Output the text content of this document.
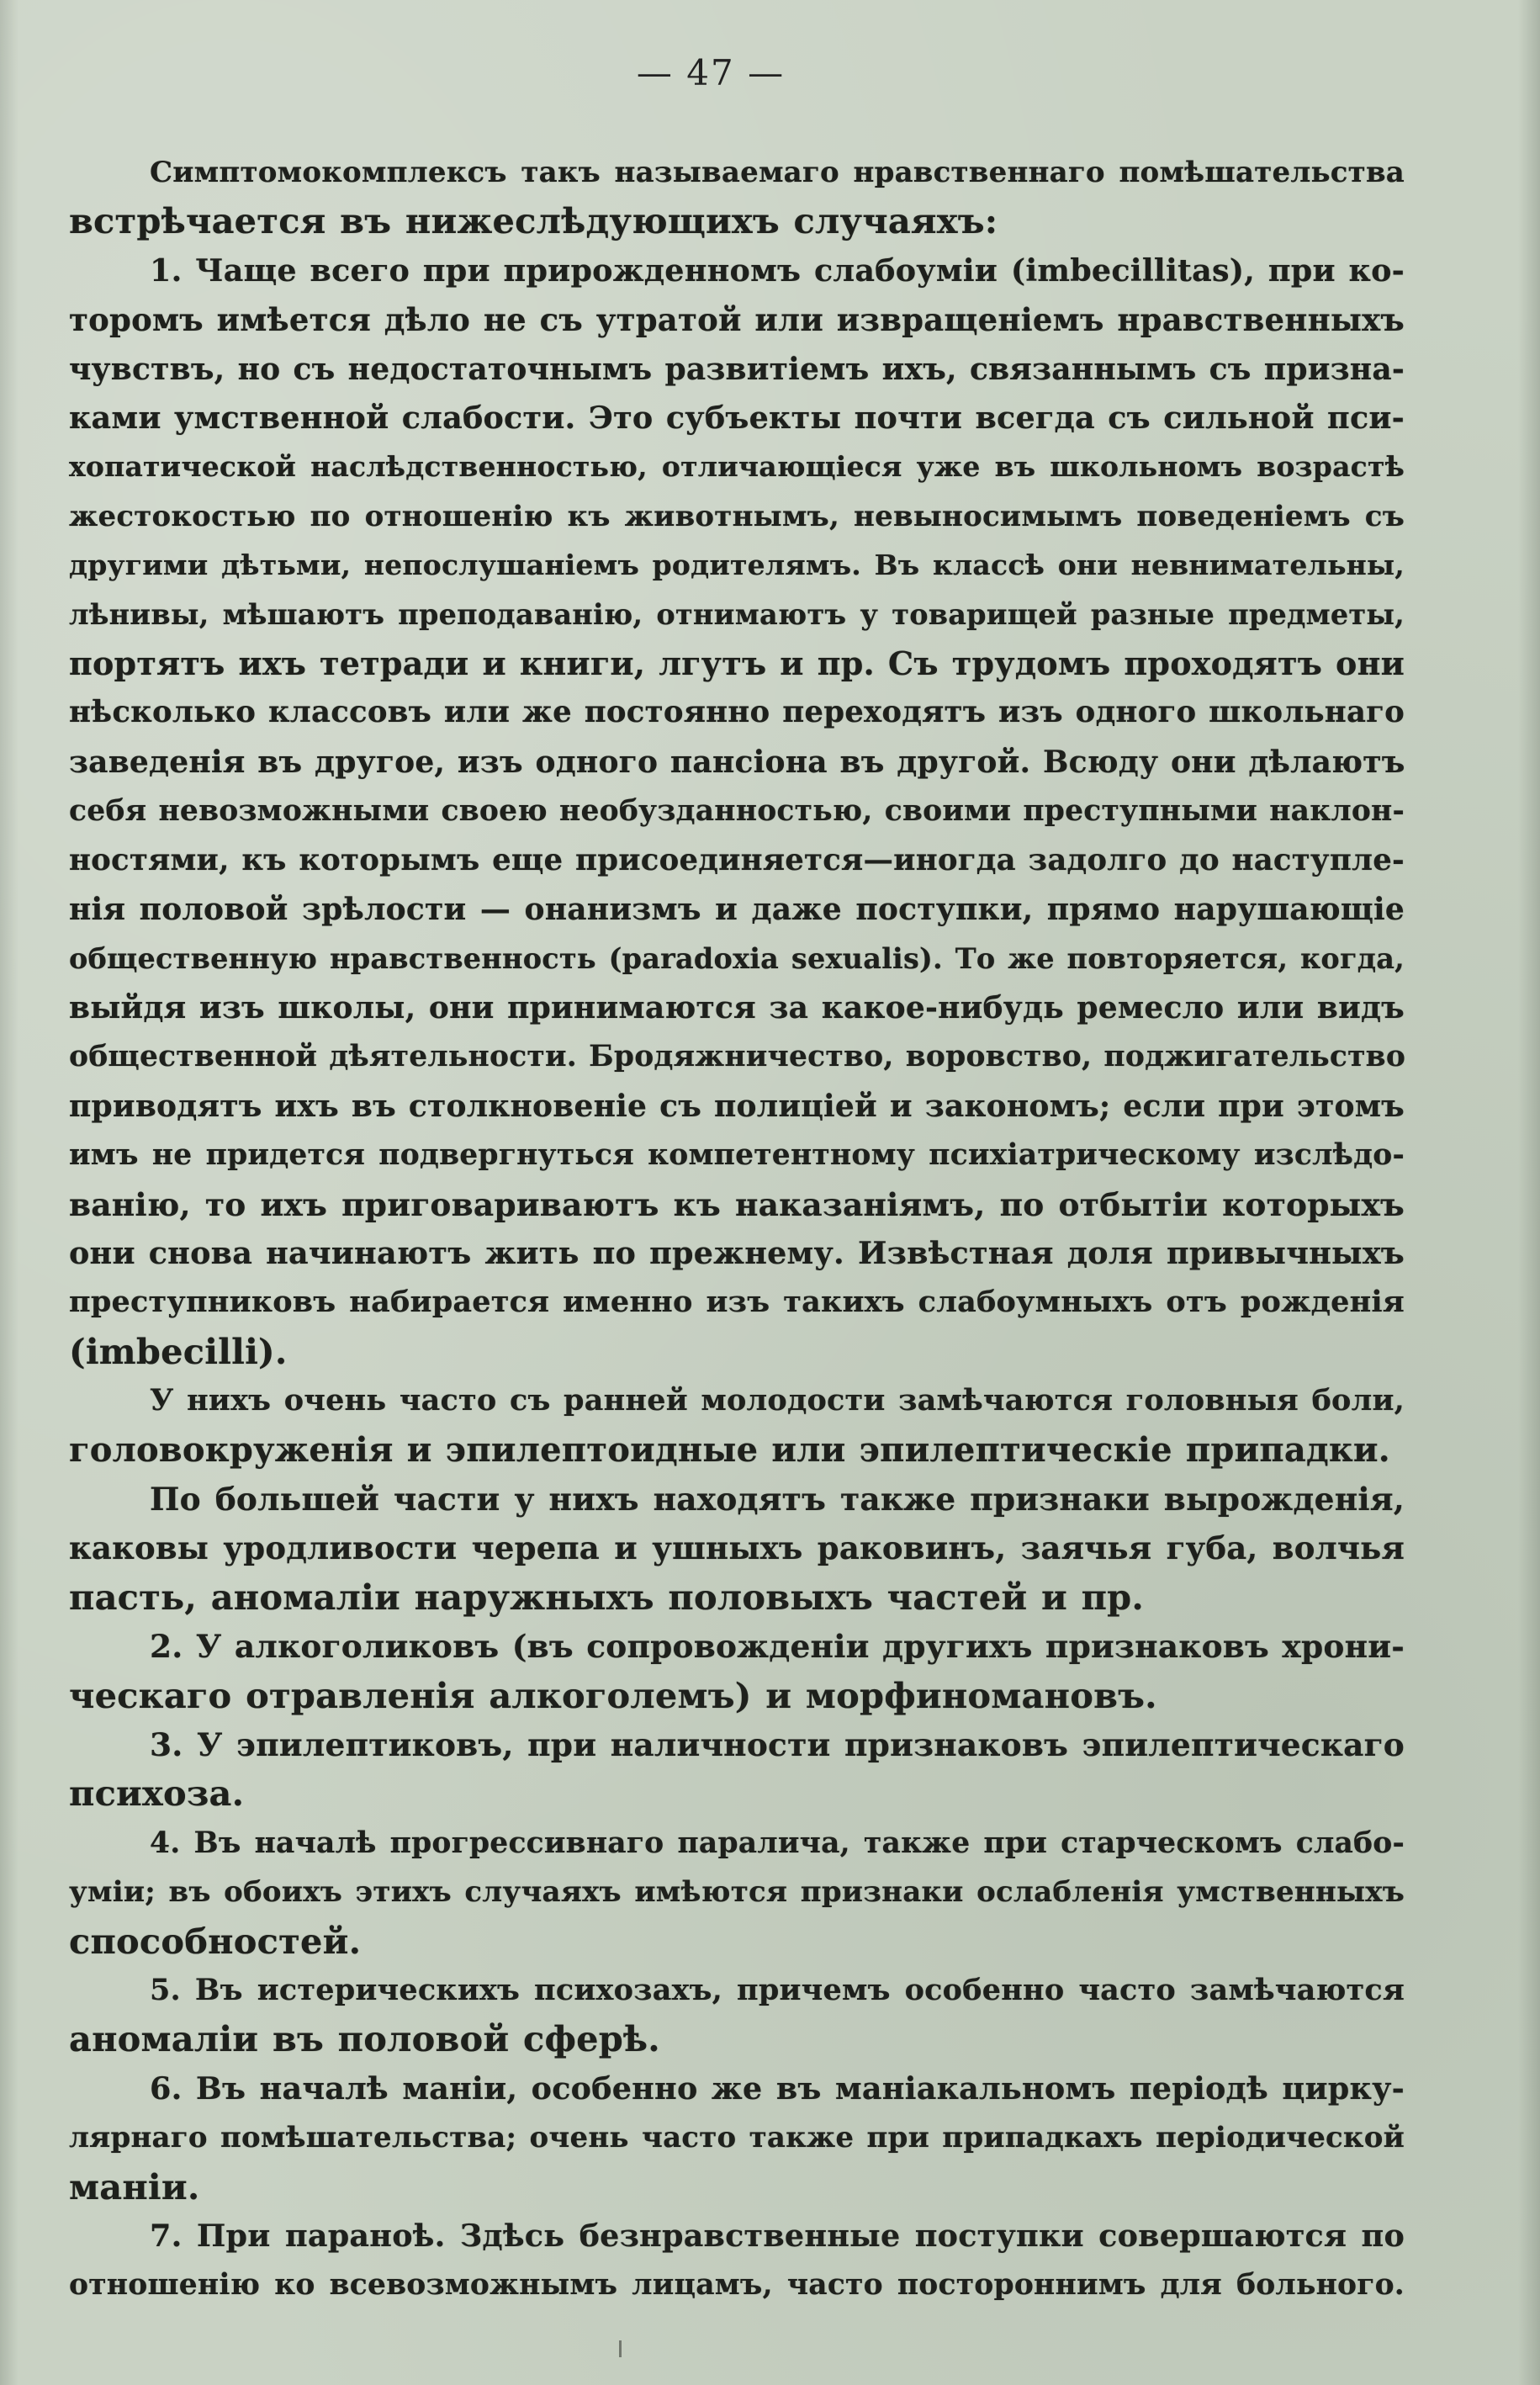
— 47 —
Симптомокомплексъ такъ называемаго нравственнаго помѣшательства
встрѣчается въ нижеслѣдующихъ случаяхъ:
1. Чаще всего при прирожденномъ слабоуміи (imbecillitas), при ко-
торомъ имѣется дѣло не съ утратой или извращеніемъ нравственныхъ
чувствъ, но съ недостаточнымъ развитіемъ ихъ, связаннымъ съ призна-
ками умственной слабости. Это субъекты почти всегда съ сильной пси-
хопатической наслѣдственностью, отличающіеся уже въ школьномъ возрастѣ
жестокостью по отношенію къ животнымъ, невыносимымъ поведеніемъ съ
другими дѣтьми, непослушаніемъ родителямъ. Въ классѣ они невнимательны,
лѣнивы, мѣшаютъ преподаванію, отнимаютъ у товарищей разные предметы,
портятъ ихъ тетради и книги, лгутъ и пр. Съ трудомъ проходятъ они
нѣсколько классовъ или же постоянно переходятъ изъ одного школьнаго
заведенія въ другое, изъ одного пансіона въ другой. Всюду они дѣлаютъ
себя невозможными своею необузданностью, своими преступными наклон-
ностями, къ которымъ еще присоединяется—иногда задолго до наступле-
нія половой зрѣлости — онанизмъ и даже поступки, прямо нарушающіе
общественную нравственность (paradoxia sexualis). То же повторяется, когда,
выйдя изъ школы, они принимаются за какое-нибудь ремесло или видъ
общественной дѣятельности. Бродяжничество, воровство, поджигательство
приводятъ ихъ въ столкновеніе съ полиціей и закономъ; если при этомъ
имъ не придется подвергнуться компетентному психіатрическому изслѣдо-
ванію, то ихъ приговариваютъ къ наказаніямъ, по отбытіи которыхъ
они снова начинаютъ жить по прежнему. Извѣстная доля привычныхъ
преступниковъ набирается именно изъ такихъ слабоумныхъ отъ рожденія
(imbecilli).
У нихъ очень часто съ ранней молодости замѣчаются головныя боли,
головокруженія и эпилептоидные или эпилептическіе припадки.
По большей части у нихъ находятъ также признаки вырожденія,
каковы уродливости черепа и ушныхъ раковинъ, заячья губа, волчья
пасть, аномаліи наружныхъ половыхъ частей и пр.
2. У алкоголиковъ (въ сопровожденіи другихъ признаковъ хрони-
ческаго отравленія алкоголемъ) и морфиномановъ.
3. У эпилептиковъ, при наличности признаковъ эпилептическаго
психоза.
4. Въ началѣ прогрессивнаго паралича, также при старческомъ слабо-
уміи; въ обоихъ этихъ случаяхъ имѣются признаки ослабленія умственныхъ
способностей.
5. Въ истерическихъ психозахъ, причемъ особенно часто замѣчаются
аномаліи въ половой сферѣ.
6. Въ началѣ маніи, особенно же въ маніакальномъ періодѣ цирку-
лярнаго помѣшательства; очень часто также при припадкахъ періодической
маніи.
7. При паранoѣ. Здѣсь безнравственные поступки совершаются по
отношенію ко всевозможнымъ лицамъ, часто постороннимъ для больного.
